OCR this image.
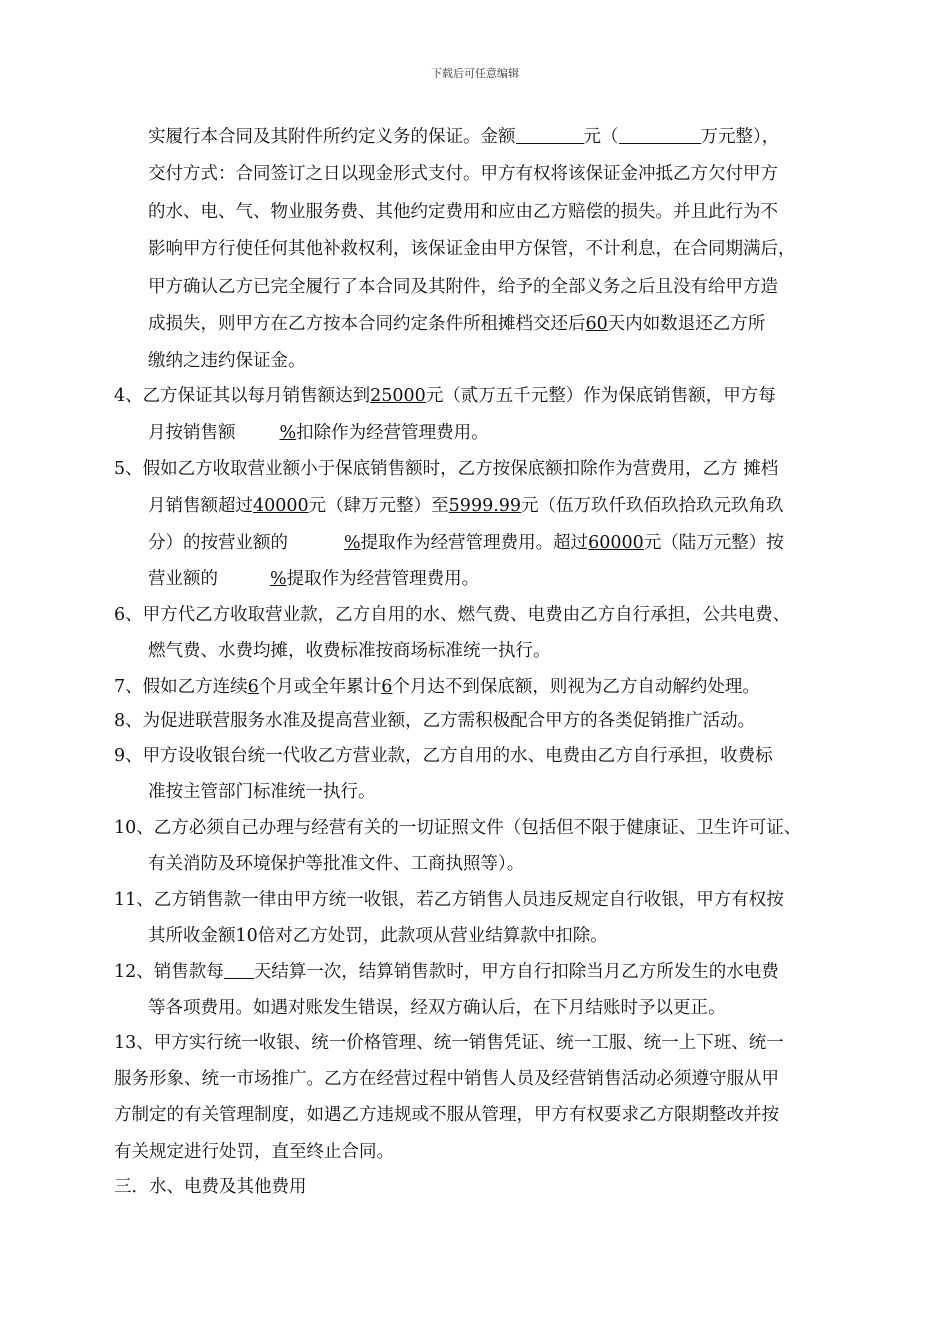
下载后可任意编辑
实履行本合同及其附件所约定义务的保证。金额	元（	万元整），
交付方式：合同签订之日以现金形式支付。甲方有权将该保证金冲抵乙方欠付甲方
的水、电、气、物业服务费、其他约定费用和应由乙方赔偿的损失。并且此行为不
影响甲方行使任何其他补救权利，该保证金由甲方保管，不计利息，在合同期满后，
甲方确认乙方已完全履行了本合同及其附件，给予的全部义务之后且没有给甲方造
成损失，则甲方在乙方按本合同约定条件所租摊档交还后60天内如数退还乙方所
缴纳之违约保证金。
4、乙方保证其以每月销售额达到25000元（贰万五千元整）作为保底销售额，甲方每
月按销售额	%扣除作为经营管理费用。
5、假如乙方收取营业额小于保底销售额时，乙方按保底额扣除作为营费用，乙方 摊档
月销售额超过40000元（肆万元整）至5999.99元（伍万玖仟玖佰玖拾玖元玖角玖
分）的按营业额的	%提取作为经营管理费用。超过60000元（陆万元整）按
营业额的	%提取作为经营管理费用。
6、甲方代乙方收取营业款，乙方自用的水、燃气费、电费由乙方自行承担，公共电费、
燃气费、水费均摊，收费标准按商场标准统一执行。
7、假如乙方连续6个月或全年累计6个月达不到保底额，则视为乙方自动解约处理。
8、为促进联营服务水准及提高营业额，乙方需积极配合甲方的各类促销推广活动。
9、甲方设收银台统一代收乙方营业款，乙方自用的水、电费由乙方自行承担，收费标
准按主管部门标准统一执行。
10、乙方必须自己办理与经营有关的一切证照文件（包括但不限于健康证、卫生许可证、
有关消防及环境保护等批准文件、工商执照等）。
11、乙方销售款一律由甲方统一收银，若乙方销售人员违反规定自行收银，甲方有权按
其所收金额10倍对乙方处罚，此款项从营业结算款中扣除。
12、销售款每 天结算一次，结算销售款时，甲方自行扣除当月乙方所发生的水电费
等各项费用。如遇对账发生错误，经双方确认后，在下月结账时予以更正。
13、甲方实行统一收银、统一价格管理、统一销售凭证、统一工服、统一上下班、统一
服务形象、统一市场推广。乙方在经营过程中销售人员及经营销售活动必须遵守服从甲
方制定的有关管理制度，如遇乙方违规或不服从管理，甲方有权要求乙方限期整改并按
有关规定进行处罚，直至终止合同。
三．水、电费及其他费用
